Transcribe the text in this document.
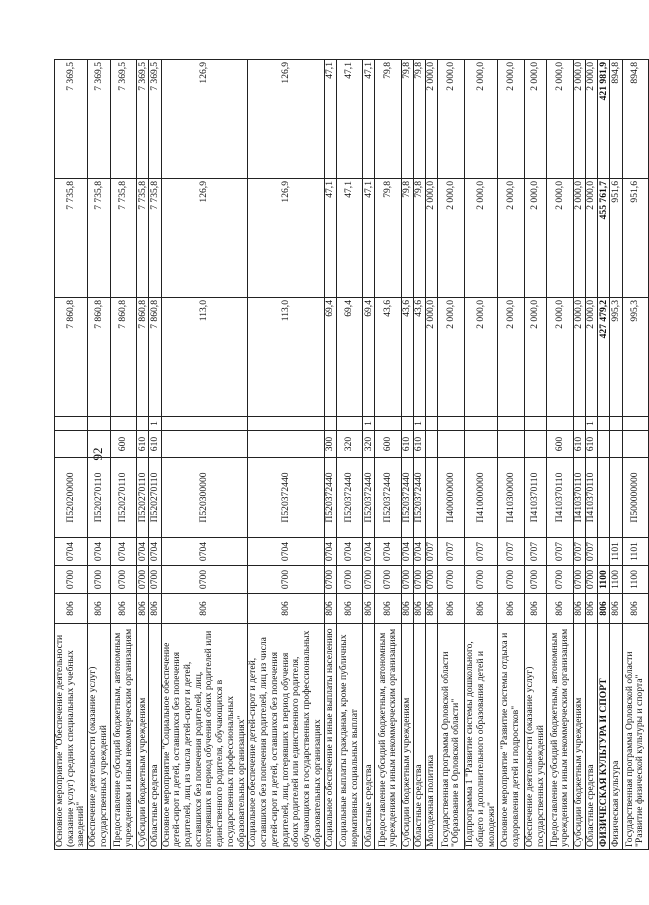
92
Основное мероприятие "Обеспечение деятельности (оказание услуг) средних специальных учебных заведений"	806	0700	0704	П520200000			7 860,8	7 735,8	7 369,5
Обеспечение деятельности (оказание услуг) государственных учреждений	806	0700	0704	П520270110			7 860,8	7 735,8	7 369,5
Предоставление субсидий бюджетным, автономным учреждениям и иным некоммерческим организациям	806	0700	0704	П520270110	600		7 860,8	7 735,8	7 369,5
Субсидии бюджетным учреждениям	806	0700	0704	П520270110	610		7 860,8	7 735,8	7 369,5
Областные средства	806	0700	0704	П520270110	610	1	7 860,8	7 735,8	7 369,5
Основное мероприятие "Социальное обеспечение детей-сирот и детей, оставшихся без попечения родителей, лиц из числа детей-сирот и детей, оставшихся без попечения родителей, лиц, потерявших в период обучения обоих родителей или единственного родителя, обучающихся в государственных профессиональных образовательных организациях"	806	0700	0704	П520300000			113,0	126,9	126,9
Социальное обеспечение детей-сирот и детей, оставшихся без попечения родителей, лиц из числа детей-сирот и детей, оставшихся без попечения родителей, лиц, потерявших в период обучения обоих родителей или единственного родителя, обучающихся в государственных профессиональных образовательных организациях	806	0700	0704	П520372440			113,0	126,9	126,9
Социальное обеспечение и иные выплаты населению	806	0700	0704	П520372440	300		69,4	47,1	47,1
Социальные выплаты гражданам, кроме публичных нормативных социальных выплат	806	0700	0704	П520372440	320		69,4	47,1	47,1
Областные средства	806	0700	0704	П520372440	320	1	69,4	47,1	47,1
Предоставление субсидий бюджетным, автономным учреждениям и иным некоммерческим организациям	806	0700	0704	П520372440	600		43,6	79,8	79,8
Субсидии бюджетным учреждениям	806	0700	0704	П520372440	610		43,6	79,8	79,8
Областные средства	806	0700	0704	П520372440	610	1	43,6	79,8	79,8
Молодежная политика	806	0700	0707				2 000,0	2 000,0	2 000,0
Государственная программа Орловской области "Образование в Орловской области"	806	0700	0707	П400000000			2 000,0	2 000,0	2 000,0
Подпрограмма 1 "Развитие системы дошкольного, общего и дополнительного образования детей и молодежи"	806	0700	0707	П410000000			2 000,0	2 000,0	2 000,0
Основное мероприятие "Развитие системы отдыха и оздоровления детей и подростков"	806	0700	0707	П410300000			2 000,0	2 000,0	2 000,0
Обеспечение деятельности (оказание услуг) государственных учреждений	806	0700	0707	П410370110			2 000,0	2 000,0	2 000,0
Предоставление субсидий бюджетным, автономным учреждениям и иным некоммерческим организациям	806	0700	0707	П410370110	600		2 000,0	2 000,0	2 000,0
Субсидии бюджетным учреждениям	806	0700	0707	П410370110	610		2 000,0	2 000,0	2 000,0
Областные средства	806	0700	0707	П410370110	610	1	2 000,0	2 000,0	2 000,0
ФИЗИЧЕСКАЯ КУЛЬТУРА И СПОРТ	806	1100					427 479,2	455 761,7	421 981,9
Физическая культура	806	1100	1101				995,3	951,6	894,8
Государственная программа Орловской области "Развитие физической культуры и спорта"	806	1100	1101	П500000000			995,3	951,6	894,8
